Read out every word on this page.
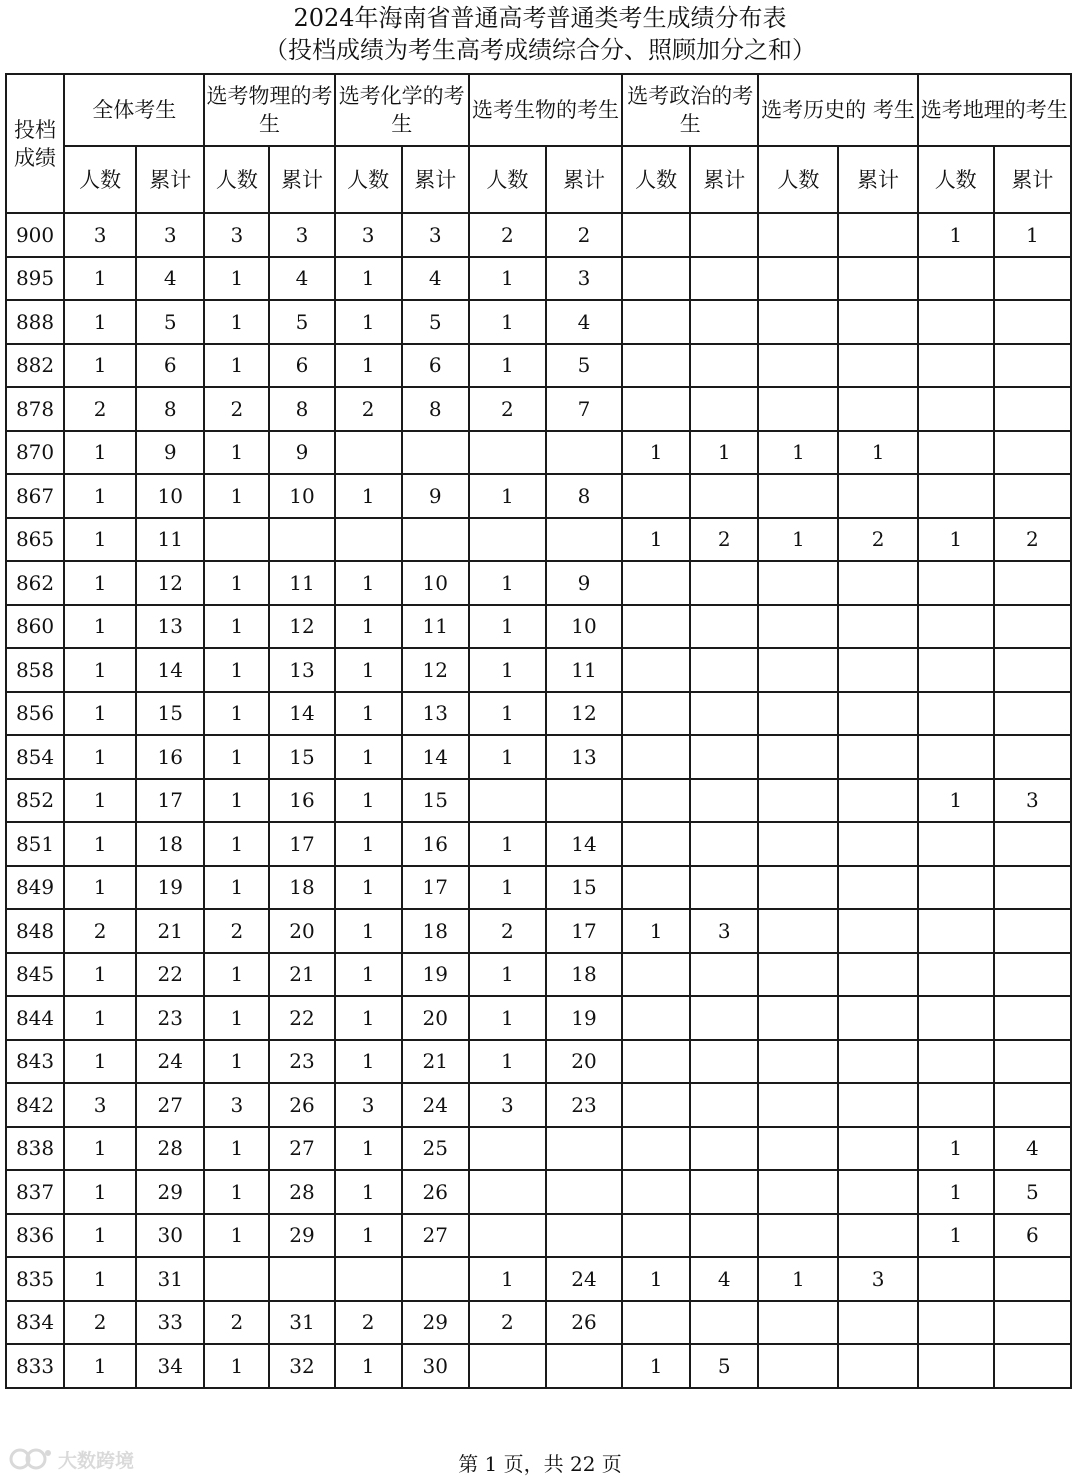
2024年海南省普通高考普通类考生成绩分布表
（投档成绩为考生高考成绩综合分、照顾加分之和）
投档成绩	全体考生		选考物理的考生		选考化学的考生		选考生物的考生		选考政治的考生		选考历史的 考生		选考地理的考生	
	人数	累计	人数	累计	人数	累计	人数	累计	人数	累计	人数	累计	人数	累计
900	3	3	3	3	3	3	2	2					1	1
895	1	4	1	4	1	4	1	3						
888	1	5	1	5	1	5	1	4						
882	1	6	1	6	1	6	1	5						
878	2	8	2	8	2	8	2	7						
870	1	9	1	9					1	1	1	1		
867	1	10	1	10	1	9	1	8						
865	1	11							1	2	1	2	1	2
862	1	12	1	11	1	10	1	9						
860	1	13	1	12	1	11	1	10						
858	1	14	1	13	1	12	1	11						
856	1	15	1	14	1	13	1	12						
854	1	16	1	15	1	14	1	13						
852	1	17	1	16	1	15							1	3
851	1	18	1	17	1	16	1	14						
849	1	19	1	18	1	17	1	15						
848	2	21	2	20	1	18	2	17	1	3				
845	1	22	1	21	1	19	1	18						
844	1	23	1	22	1	20	1	19						
843	1	24	1	23	1	21	1	20						
842	3	27	3	26	3	24	3	23						
838	1	28	1	27	1	25							1	4
837	1	29	1	28	1	26							1	5
836	1	30	1	29	1	27							1	6
835	1	31					1	24	1	4	1	3		
834	2	33	2	31	2	29	2	26						
833	1	34	1	32	1	30			1	5				
大数跨境	第 1 页，共 22 页
